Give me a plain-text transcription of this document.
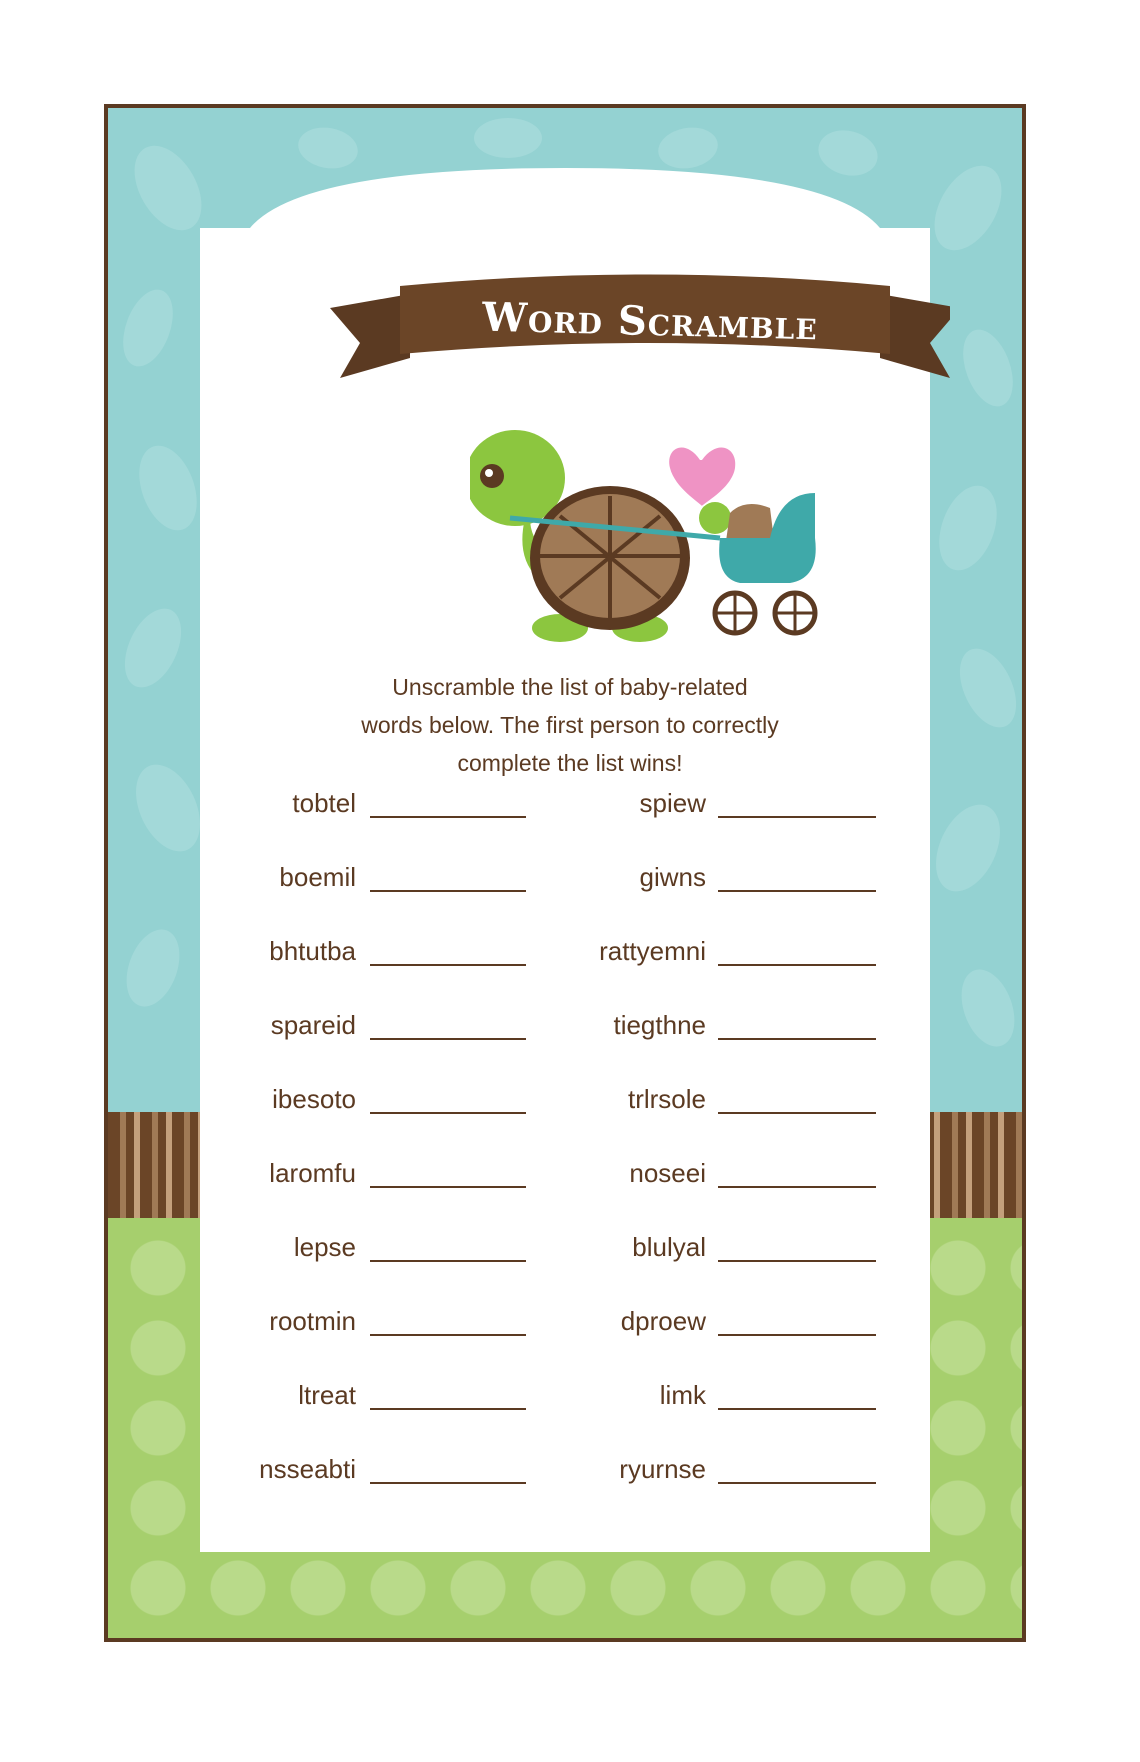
Word Scramble
Unscramble the list of baby-related words below. The first person to correctly complete the list wins!
tobtel
boemil
bhtutba
spareid
ibesoto
laromfu
lepse
rootmin
ltreat
nsseabti
spiew
giwns
rattyemni
tiegthne
trlrsole
noseei
blulyal
dproew
limk
ryurnse
